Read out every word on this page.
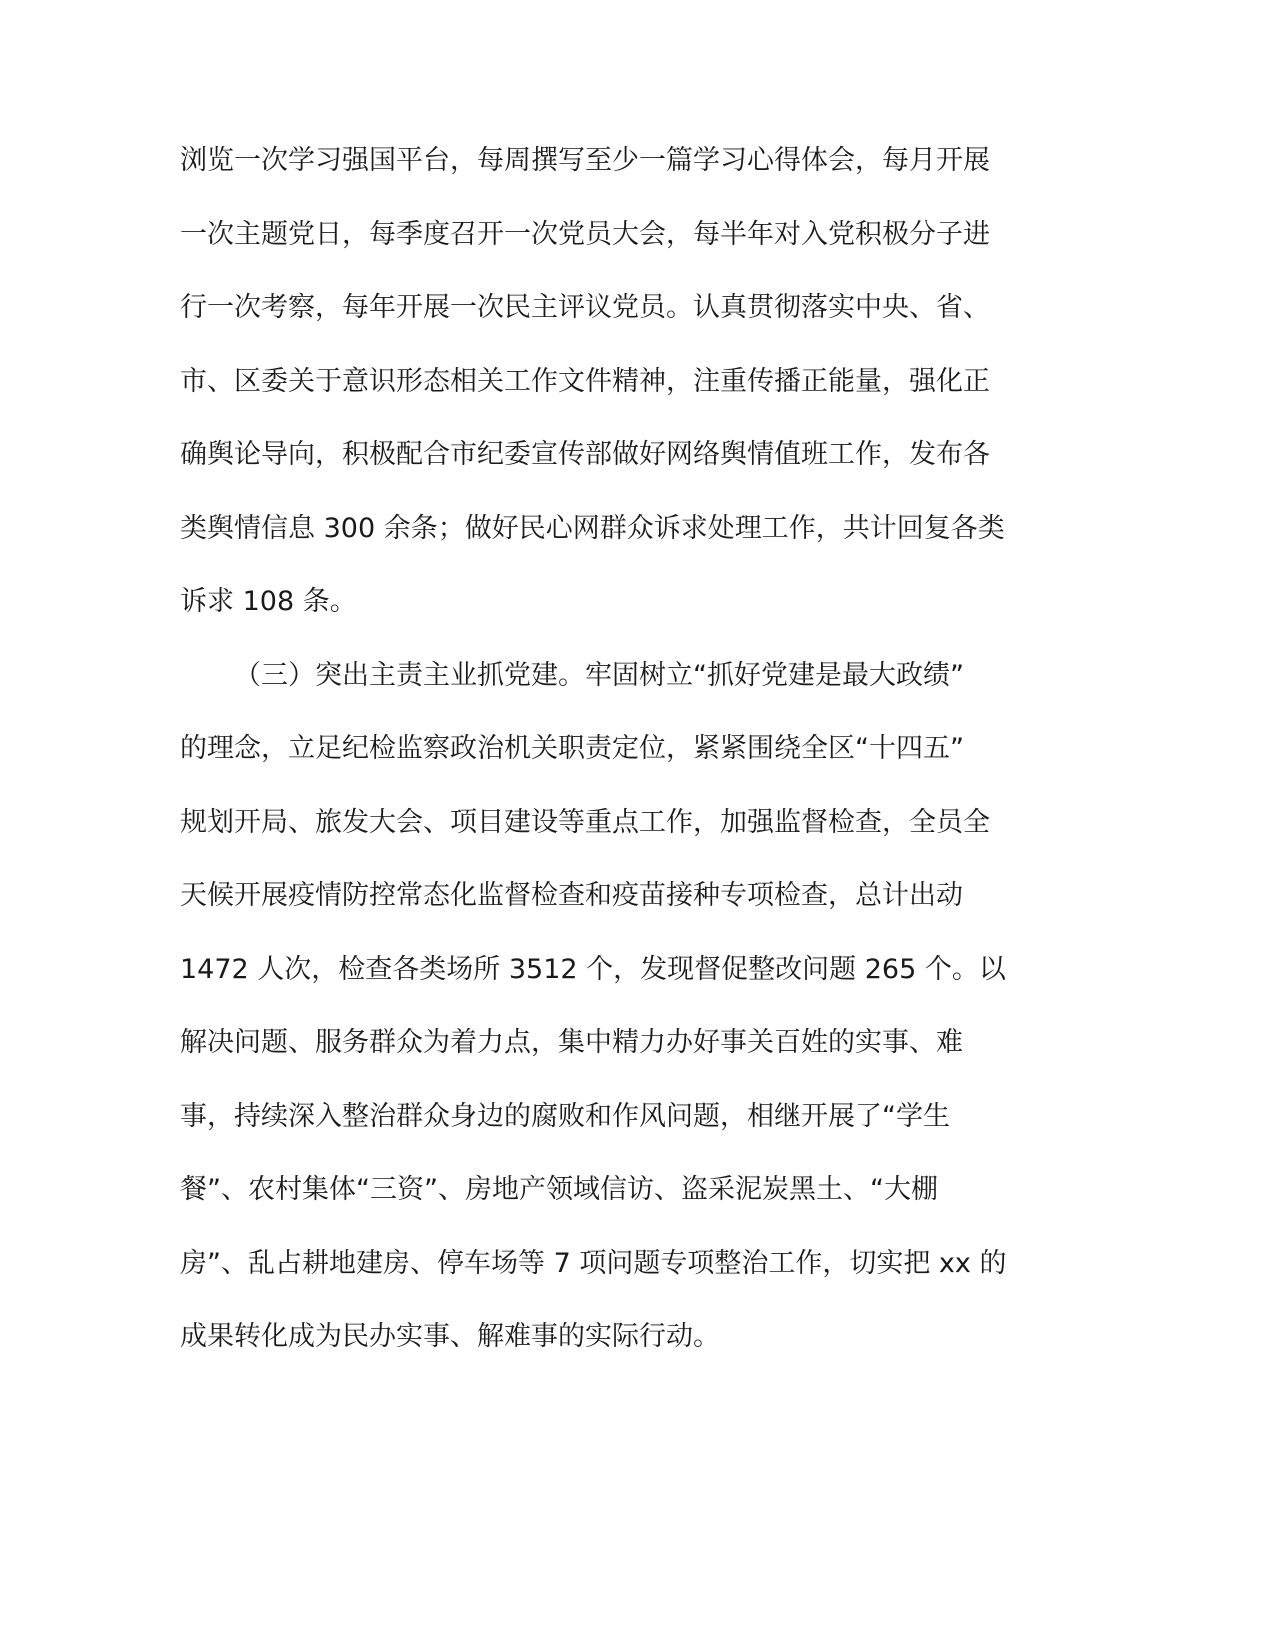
浏览一次学习强国平台，每周撰写至少一篇学习心得体会，每月开展
一次主题党日，每季度召开一次党员大会，每半年对入党积极分子进
行一次考察，每年开展一次民主评议党员。认真贯彻落实中央、省、
市、区委关于意识形态相关工作文件精神，注重传播正能量，强化正
确舆论导向，积极配合市纪委宣传部做好网络舆情值班工作，发布各
类舆情信息 300 余条；做好民心网群众诉求处理工作，共计回复各类
诉求 108 条。
（三）突出主责主业抓党建。牢固树立“抓好党建是最大政绩”
的理念，立足纪检监察政治机关职责定位，紧紧围绕全区“十四五”
规划开局、旅发大会、项目建设等重点工作，加强监督检查，全员全
天候开展疫情防控常态化监督检查和疫苗接种专项检查，总计出动
1472 人次，检查各类场所 3512 个，发现督促整改问题 265 个。以
解决问题、服务群众为着力点，集中精力办好事关百姓的实事、难
事，持续深入整治群众身边的腐败和作风问题，相继开展了“学生
餐”、农村集体“三资”、房地产领域信访、盗采泥炭黑土、“大棚
房”、乱占耕地建房、停车场等 7 项问题专项整治工作，切实把 xx 的
成果转化成为民办实事、解难事的实际行动。
